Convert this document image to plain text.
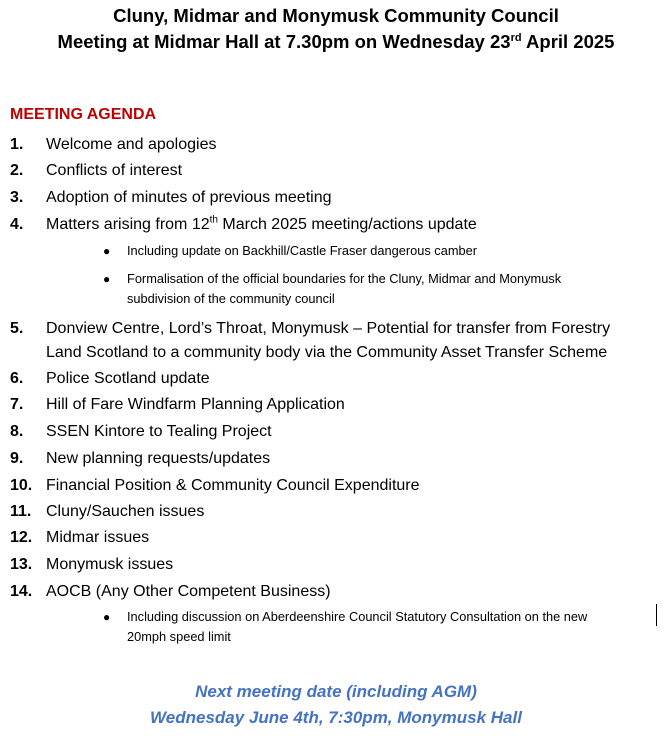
Cluny, Midmar and Monymusk Community Council
Meeting at Midmar Hall at 7.30pm on Wednesday 23rd April 2025
MEETING AGENDA
1.	Welcome and apologies
2.	Conflicts of interest
3.	Adoption of minutes of previous meeting
4.	Matters arising from 12th March 2025 meeting/actions update
● Including update on Backhill/Castle Fraser dangerous camber
● Formalisation of the official boundaries for the Cluny, Midmar and Monymusk
subdivision of the community council
5.	Donview Centre, Lord’s Throat, Monymusk – Potential for transfer from Forestry
Land Scotland to a community body via the Community Asset Transfer Scheme
6.	Police Scotland update
7.	Hill of Fare Windfarm Planning Application
8.	SSEN Kintore to Tealing Project
9.	New planning requests/updates
10. Financial Position & Community Council Expenditure
11. Cluny/Sauchen issues
12. Midmar issues
13. Monymusk issues
14. AOCB (Any Other Competent Business)
● Including discussion on Aberdeenshire Council Statutory Consultation on the new
20mph speed limit
Next meeting date (including AGM)
Wednesday June 4th, 7:30pm, Monymusk Hall
